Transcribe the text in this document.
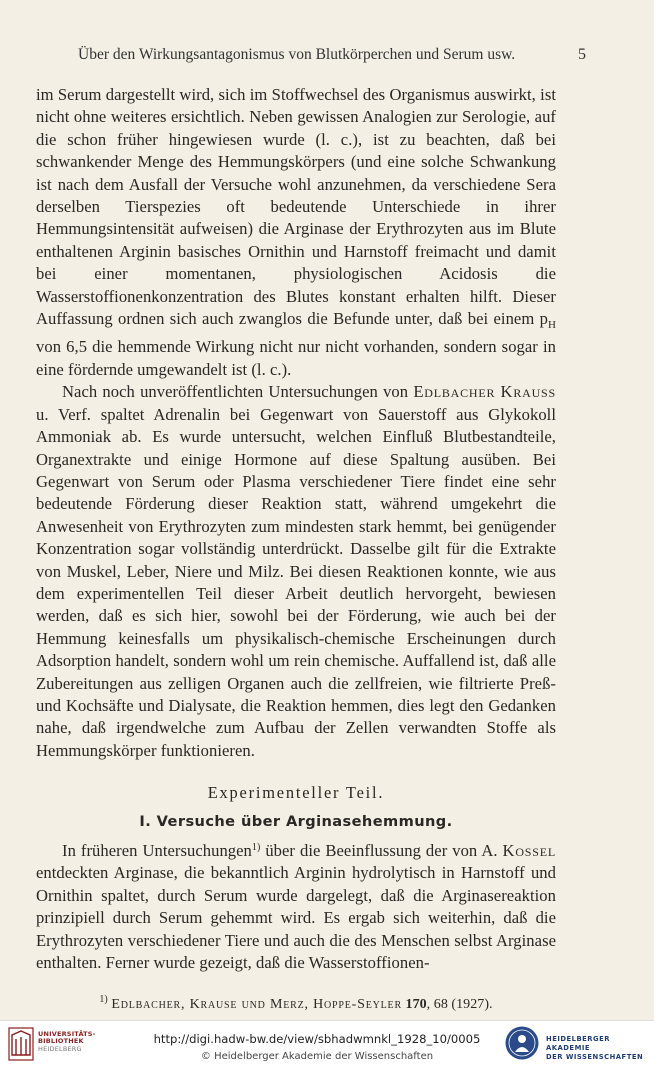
Über den Wirkungsantagonismus von Blutkörperchen und Serum usw.	5

im Serum dargestellt wird, sich im Stoffwechsel des Organismus auswirkt, ist nicht ohne weiteres ersichtlich. Neben gewissen Analogien zur Serologie, auf die schon früher hingewiesen wurde (l. c.), ist zu beachten, daß bei schwankender Menge des Hemmungskörpers (und eine solche Schwankung ist nach dem Ausfall der Versuche wohl anzunehmen, da verschiedene Sera derselben Tierspezies oft bedeutende Unterschiede in ihrer Hemmungsintensität aufweisen) die Arginase der Erythrozyten aus im Blute enthaltenen Arginin basisches Ornithin und Harnstoff freimacht und damit bei einer momentanen, physiologischen Acidosis die Wasserstoffionenkonzentration des Blutes konstant erhalten hilft. Dieser Auffassung ordnen sich auch zwanglos die Befunde unter, daß bei einem $p_H$ von 6,5 die hemmende Wirkung nicht nur nicht vorhanden, sondern sogar in eine fördernde umgewandelt ist (l. c.).

Nach noch unveröffentlichten Untersuchungen von Edlbacher Krauss u. Verf. spaltet Adrenalin bei Gegenwart von Sauerstoff aus Glykokoll Ammoniak ab. Es wurde untersucht, welchen Einfluß Blutbestandteile, Organextrakte und einige Hormone auf diese Spaltung ausüben. Bei Gegenwart von Serum oder Plasma verschiedener Tiere findet eine sehr bedeutende Förderung dieser Reaktion statt, während umgekehrt die Anwesenheit von Erythrozyten zum mindesten stark hemmt, bei genügender Konzentration sogar vollständig unterdrückt. Dasselbe gilt für die Extrakte von Muskel, Leber, Niere und Milz. Bei diesen Reaktionen konnte, wie aus dem experimentellen Teil dieser Arbeit deutlich hervorgeht, bewiesen werden, daß es sich hier, sowohl bei der Förderung, wie auch bei der Hemmung keinesfalls um physikalisch-chemische Erscheinungen durch Adsorption handelt, sondern wohl um rein chemische. Auffallend ist, daß alle Zubereitungen aus zelligen Organen auch die zellfreien, wie filtrierte Preß- und Kochsäfte und Dialysate, die Reaktion hemmen, dies legt den Gedanken nahe, daß irgendwelche zum Aufbau der Zellen verwandten Stoffe als Hemmungskörper funktionieren.

Experimenteller Teil.
I. Versuche über Arginasehemmung.

In früheren Untersuchungen$^{1)}$ über die Beeinflussung der von A. Kossel entdeckten Arginase, die bekanntlich Arginin hydrolytisch in Harnstoff und Ornithin spaltet, durch Serum wurde dargelegt, daß die Arginasereaktion prinzipiell durch Serum gehemmt wird. Es ergab sich weiterhin, daß die Erythrozyten verschiedener Tiere und auch die des Menschen selbst Arginase enthalten. Ferner wurde gezeigt, daß die Wasserstoffionen-

$^{1)}$ Edlbacher, Krause und Merz, Hoppe-Seyler 170, 68 (1927).
UNIVERSITÄTS-
BIBLIOTHEK
HEIDELBERG
http://digi.hadw-bw.de/view/sbhadwmnkl_1928_10/0005
© Heidelberger Akademie der Wissenschaften
HEIDELBERGER AKADEMIE
DER WISSENSCHAFTEN
